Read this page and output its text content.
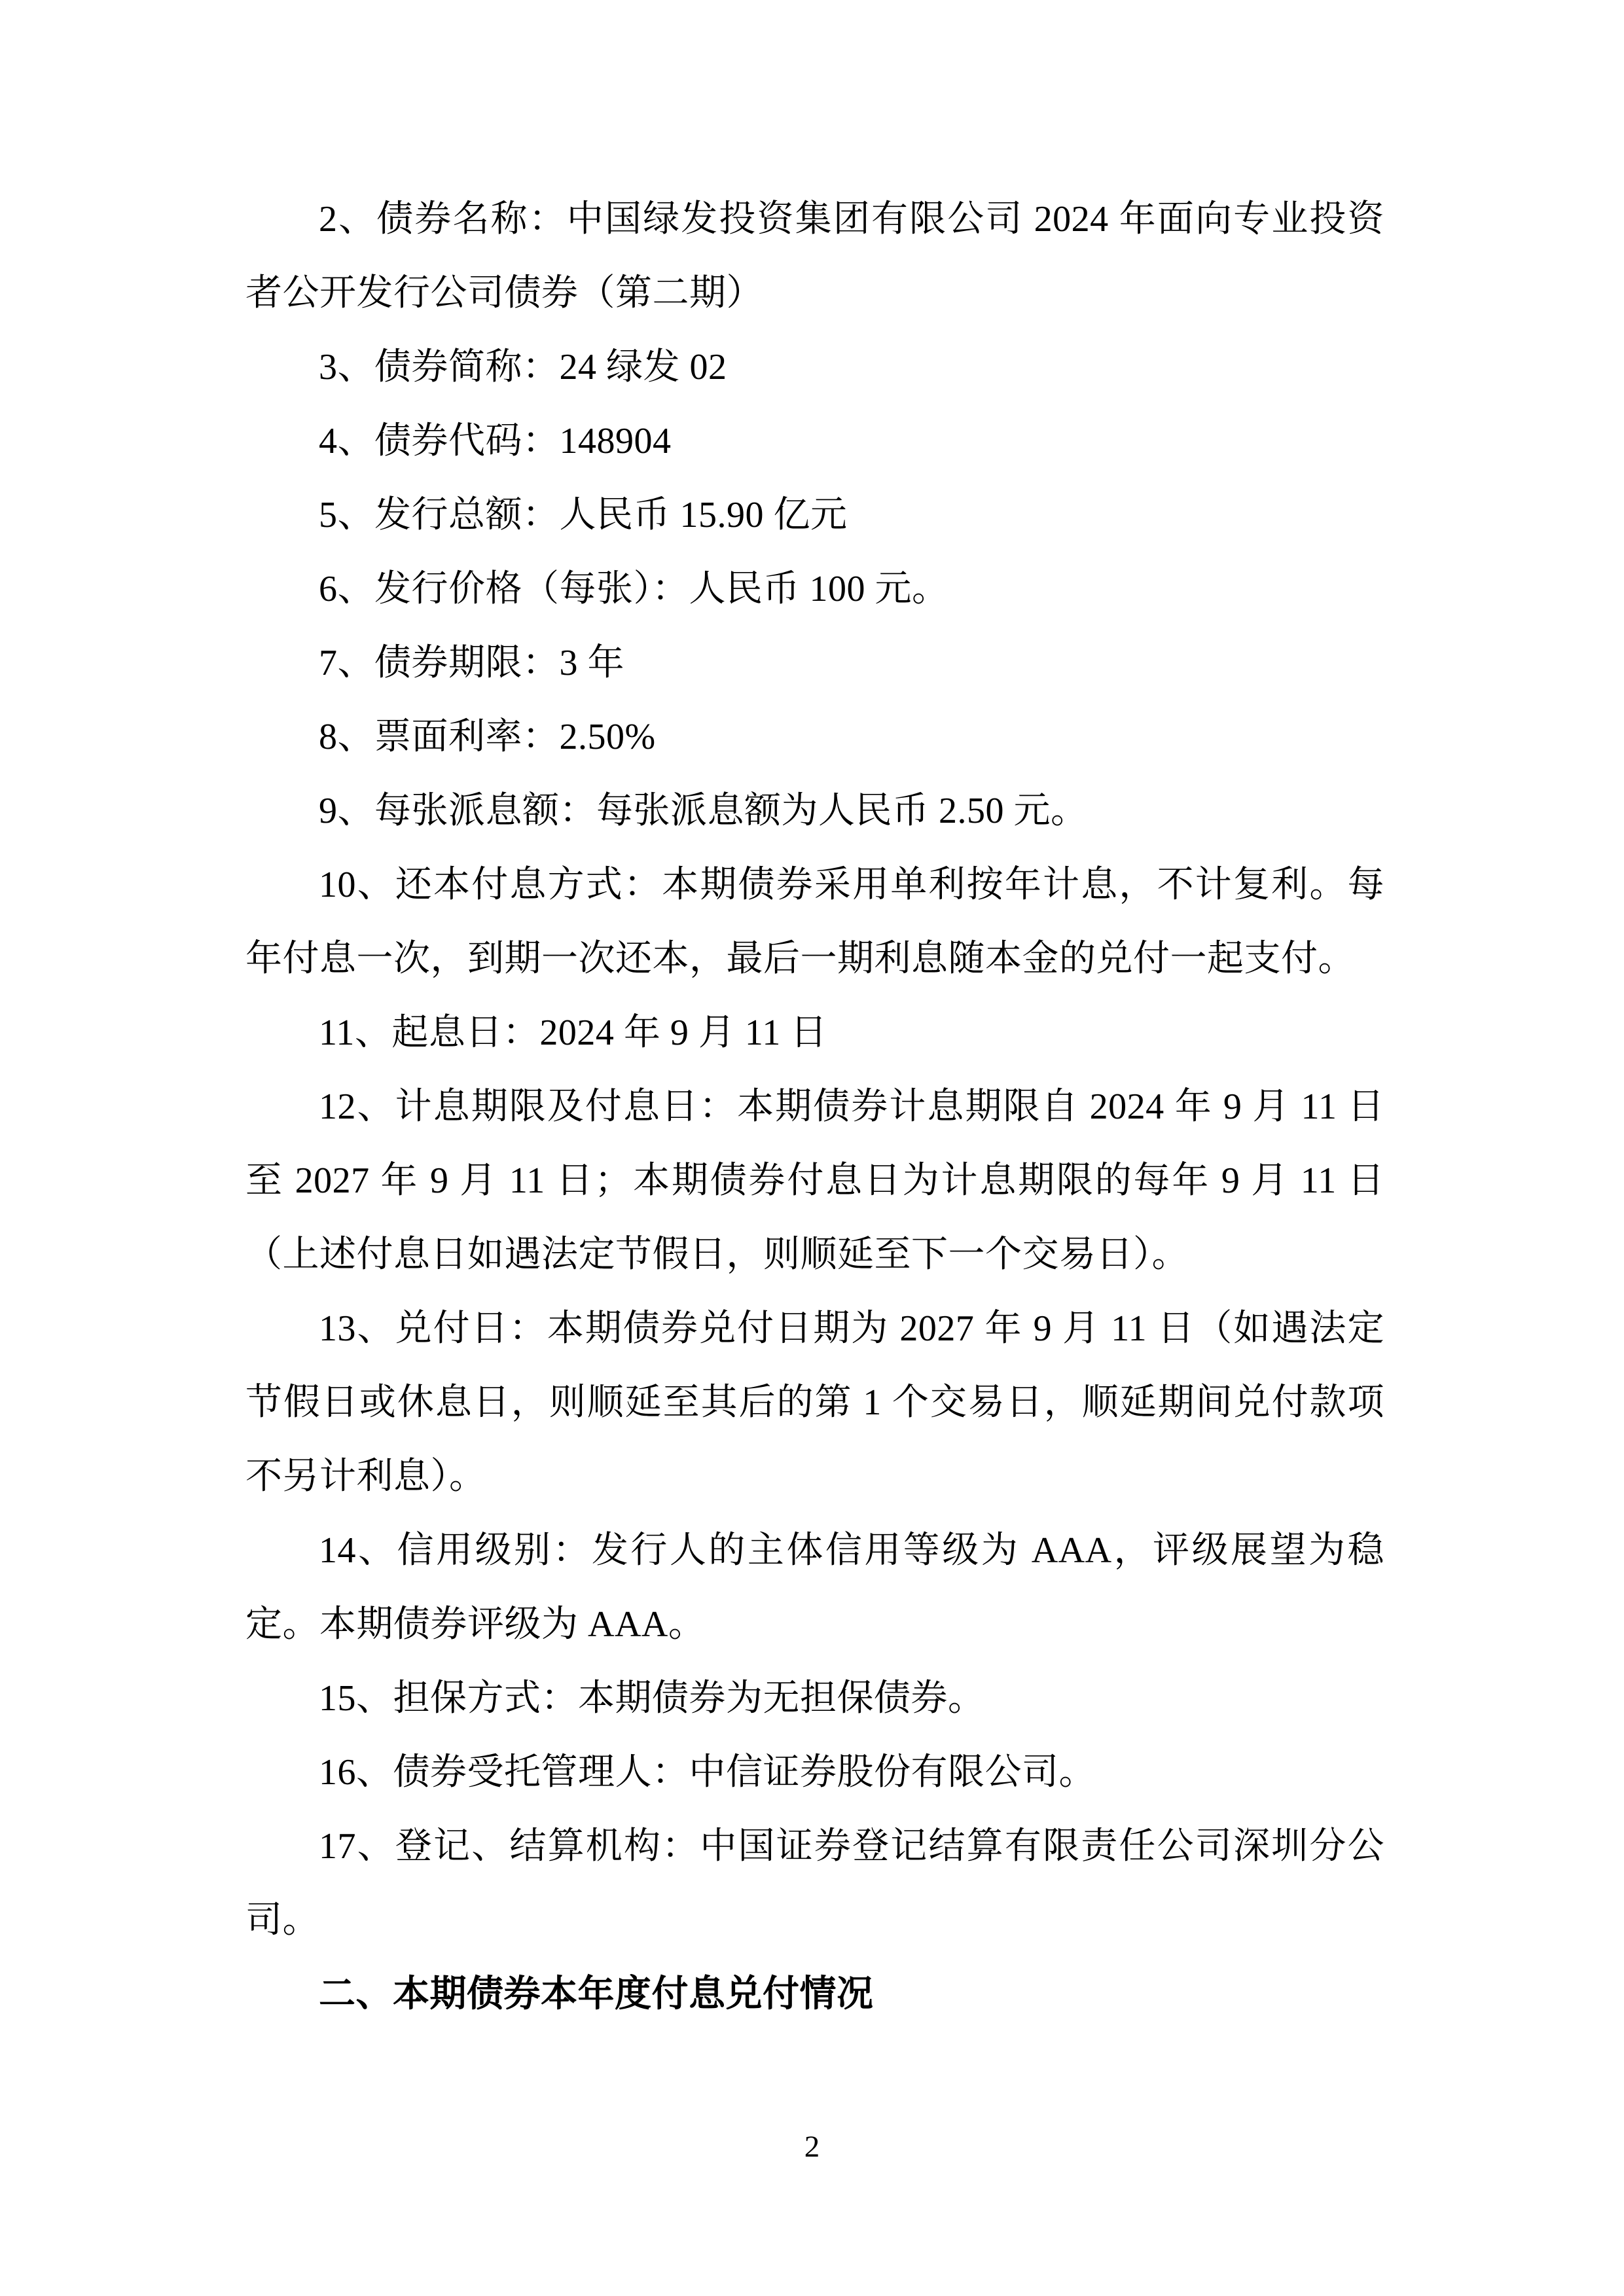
2、债券名称：中国绿发投资集团有限公司 2024 年面向专业投资
者公开发行公司债券（第二期）
3、债券简称：24 绿发 02
4、债券代码：148904
5、发行总额：人民币 15.90 亿元
6、发行价格（每张）：人民币 100 元。
7、债券期限：3 年
8、票面利率：2.50%
9、每张派息额：每张派息额为人民币 2.50 元。
10、还本付息方式：本期债券采用单利按年计息，不计复利。每
年付息一次，到期一次还本，最后一期利息随本金的兑付一起支付。
11、起息日：2024 年 9 月 11 日
12、计息期限及付息日：本期债券计息期限自 2024 年 9 月 11 日
至 2027 年 9 月 11 日；本期债券付息日为计息期限的每年 9 月 11 日
（上述付息日如遇法定节假日，则顺延至下一个交易日）。
13、兑付日：本期债券兑付日期为 2027 年 9 月 11 日（如遇法定
节假日或休息日，则顺延至其后的第 1 个交易日，顺延期间兑付款项
不另计利息）。
14、信用级别：发行人的主体信用等级为 AAA，评级展望为稳
定。本期债券评级为 AAA。
15、担保方式：本期债券为无担保债券。
16、债券受托管理人：中信证券股份有限公司。
17、登记、结算机构：中国证券登记结算有限责任公司深圳分公
司。
二、本期债券本年度付息兑付情况
2
